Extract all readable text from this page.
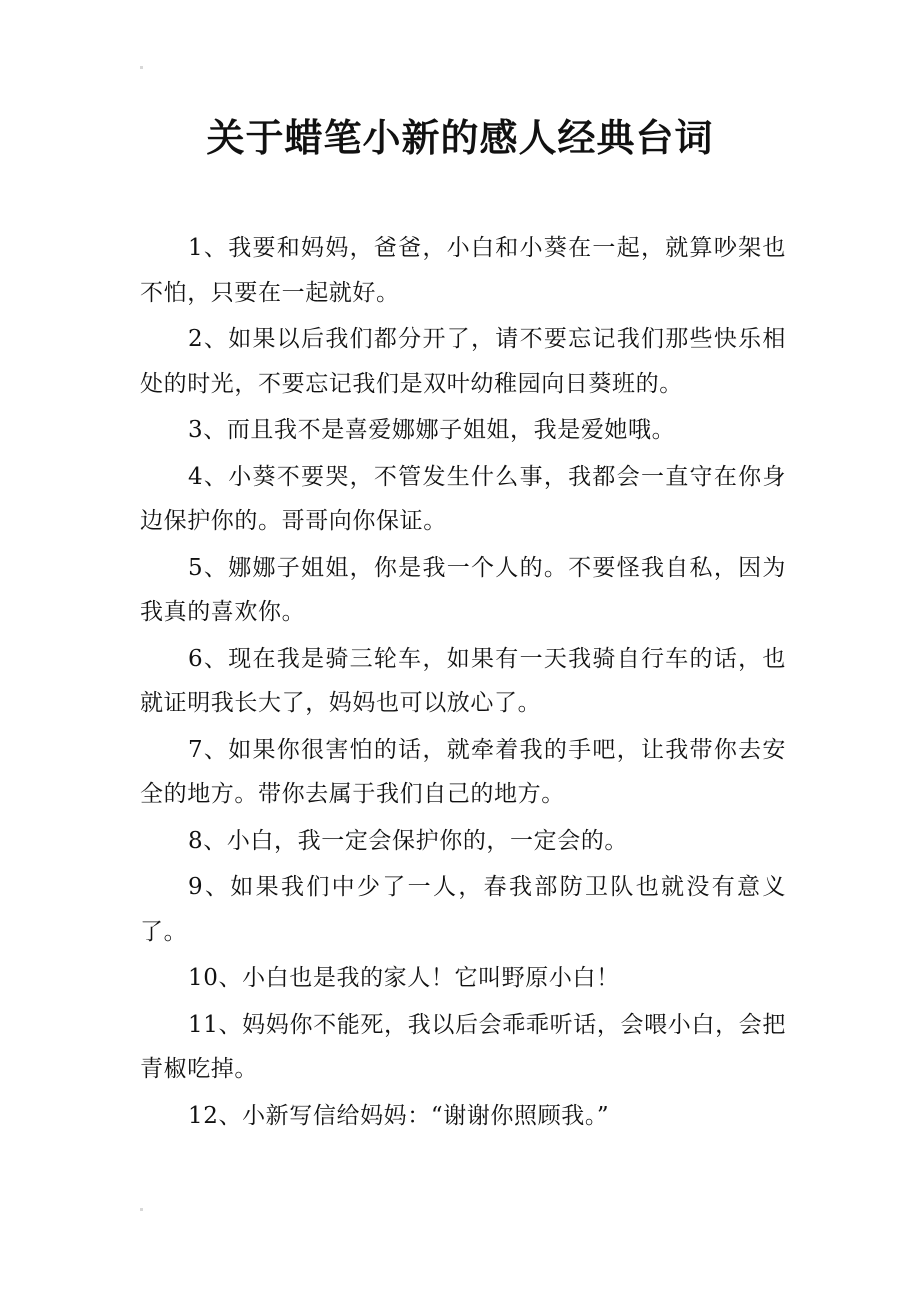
关于蜡笔小新的感人经典台词

1、我要和妈妈，爸爸，小白和小葵在一起，就算吵架也不怕，只要在一起就好。

2、如果以后我们都分开了，请不要忘记我们那些快乐相处的时光，不要忘记我们是双叶幼稚园向日葵班的。

3、而且我不是喜爱娜娜子姐姐，我是爱她哦。

4、小葵不要哭，不管发生什么事，我都会一直守在你身边保护你的。哥哥向你保证。

5、娜娜子姐姐，你是我一个人的。不要怪我自私，因为我真的喜欢你。

6、现在我是骑三轮车，如果有一天我骑自行车的话，也就证明我长大了，妈妈也可以放心了。

7、如果你很害怕的话，就牵着我的手吧，让我带你去安全的地方。带你去属于我们自己的地方。

8、小白，我一定会保护你的，一定会的。

9、如果我们中少了一人，春我部防卫队也就没有意义了。

10、小白也是我的家人！它叫野原小白！

11、妈妈你不能死，我以后会乖乖听话，会喂小白，会把青椒吃掉。

12、小新写信给妈妈：“谢谢你照顾我。”
